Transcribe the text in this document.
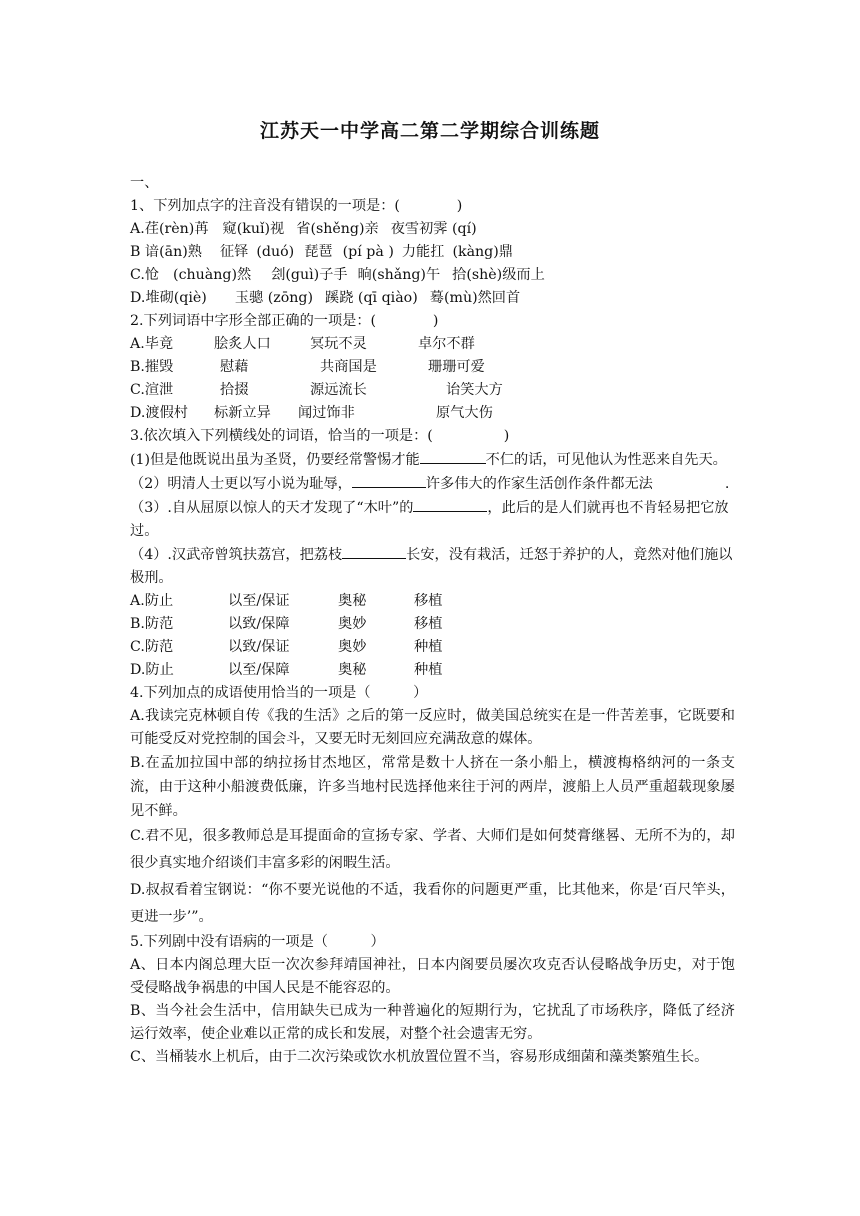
江苏天一中学高二第二学期综合训练题

一、

1、下列加点字的注音没有错误的一项是：(　　　　)

A.荏(rèn)苒 窥(kuǐ)视 省(shěng)亲 夜雪初霁 (qí)

B 谙(ān)熟 征铎 (duó) 琵琶 (pí pà ) 力能扛 (kàng)鼎

C.怆 (chuàng)然 刽(guì)子手 晌(shǎng)午 拾(shè)级而上

D.堆砌(qiè) 玉骢 (zōng) 蹊跷 (qī qiào) 蓦(mù)然回首

2.下列词语中字形全部正确的一项是：(　　　　)

A.毕竟	脍炙人口	冥玩不灵	卓尔不群

B.摧毁	慰藉	共商国是	珊珊可爱

C.渲泄	拾掇	源远流长	诒笑大方

D.渡假村 标新立异 闻过饰非	原气大伤

3.依次填入下列横线处的词语，恰当的一项是：(　　　　　)

(1)但是他既说出虽为圣贤，仍要经常警惕才能	不仁的话，可见他认为性恶来自先天。

（2）明清人士更以写小说为耻辱，	许多伟大的作家生活创作条件都无法	.

（3）.自从屈原以惊人的天才发现了“木叶”的	，此后的是人们就再也不肯轻易把它放过。

（4）.汉武帝曾筑扶荔宫，把荔枝	长安，没有栽活，迁怒于养护的人，竟然对他们施以极刑。

A.防止	以至/保证	奥秘	移植

B.防范	以致/保障	奥妙	移植

C.防范	以致/保证	奥妙	种植

D.防止	以至/保障	奥秘	种植

4.下列加点的成语使用恰当的一项是（　　　）

A.我读完克林顿自传《我的生活》之后的第一反应时，做美国总统实在是一件苦差事，它既要和可能受反对党控制的国会斗，又要无时无刻回应充满敌意的媒体。

B.在孟加拉国中部的纳拉扬甘杰地区，常常是数十人挤在一条小船上，横渡梅格纳河的一条支流，由于这种小船渡费低廉，许多当地村民选择他来往于河的两岸，渡船上人员严重超载现象屡见不鲜。

C.君不见，很多教师总是耳提面命的宣扬专家、学者、大师们是如何焚膏继晷、无所不为的，却很少真实地介绍谈们丰富多彩的闲暇生活。

D.叔叔看着宝钢说：“你不要光说他的不适，我看你的问题更严重，比其他来，你是‘百尺竿头，更进一步’”。

5.下列剧中没有语病的一项是（　　　）

A、日本内阁总理大臣一次次参拜靖国神社，日本内阁要员屡次攻克否认侵略战争历史，对于饱受侵略战争祸患的中国人民是不能容忍的。

B、当今社会生活中，信用缺失已成为一种普遍化的短期行为，它扰乱了市场秩序，降低了经济运行效率，使企业难以正常的成长和发展，对整个社会遗害无穷。

C、当桶装水上机后，由于二次污染或饮水机放置位置不当，容易形成细菌和藻类繁殖生长。
